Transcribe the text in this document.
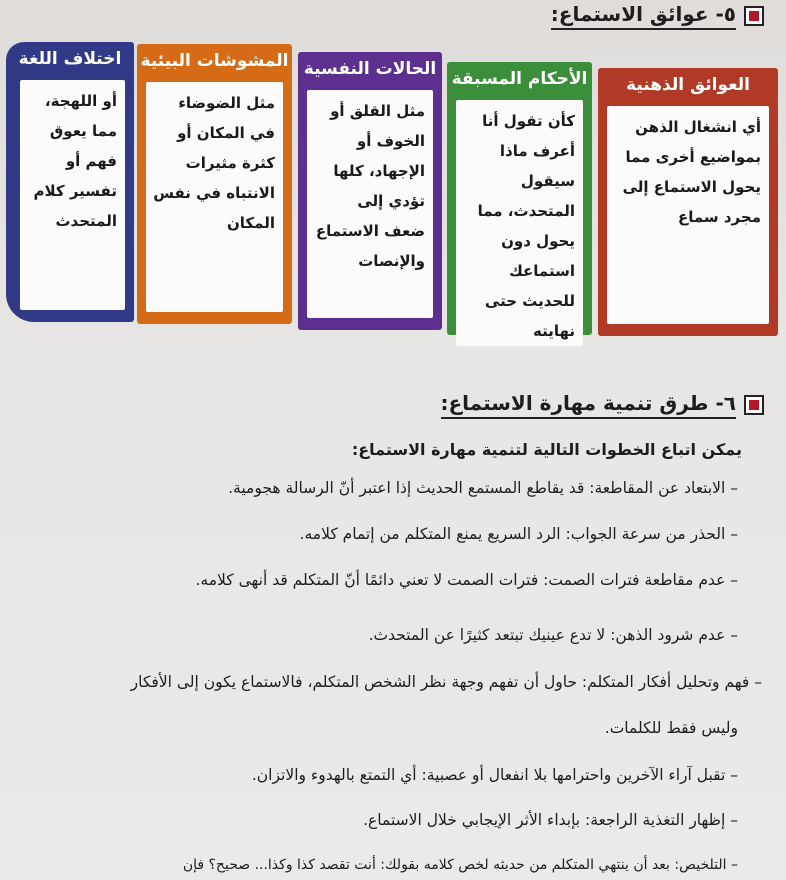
٥- عوائق الاستماع:
العوائق الذهنية
أي انشغال الذهن بمواضيع أخرى مما يحول الاستماع إلى مجرد سماع
الأحكام المسبقة
كأن تقول أنا أعرف ماذا سيقول المتحدث، مما يحول دون استماعك للحديث حتى نهايته
الحالات النفسية
مثل القلق أو الخوف أو الإجهاد، كلها تؤدي إلى ضعف الاستماع والإنصات
المشوشات البيئية
مثل الضوضاء في المكان أو كثرة مثيرات الانتباه في نفس المكان
اختلاف اللغة
أو اللهجة، مما يعوق فهم أو تفسير كلام المتحدث
٦- طرق تنمية مهارة الاستماع:
يمكن اتباع الخطوات التالية لتنمية مهارة الاستماع:
– الابتعاد عن المقاطعة: قد يقاطع المستمع الحديث إذا اعتبر أنّ الرسالة هجومية.
– الحذر من سرعة الجواب: الرد السريع يمنع المتكلم من إتمام كلامه.
– عدم مقاطعة فترات الصمت: فترات الصمت لا تعني دائمًا أنّ المتكلم قد أنهى كلامه.
– عدم شرود الذهن: لا تدع عينيك تبتعد كثيرًا عن المتحدث.
– فهم وتحليل أفكار المتكلم: حاول أن تفهم وجهة نظر الشخص المتكلم، فالاستماع يكون إلى الأفكار
وليس فقط للكلمات.
– تقبل آراء الآخرين واحترامها بلا انفعال أو عصبية: أي التمتع بالهدوء والاتزان.
– إظهار التغذية الراجعة: بإبداء الأثر الإيجابي خلال الاستماع.
– التلخيص: بعد أن ينتهي المتكلم من حديثه لخص كلامه بقولك: أنت تقصد كذا وكذا... صحيح؟ فإن
